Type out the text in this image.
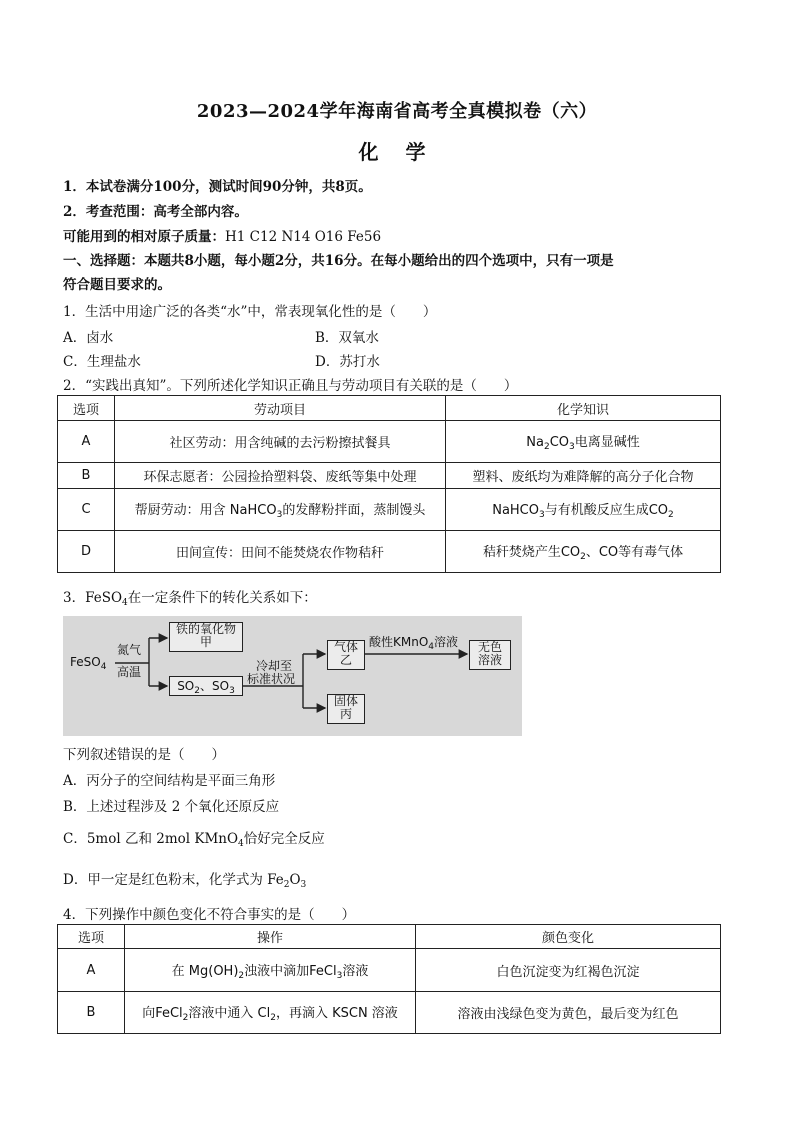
2023—2024学年海南省高考全真模拟卷（六）
化 学
1．本试卷满分100分，测试时间90分钟，共8页。
2．考查范围：高考全部内容。
可能用到的相对原子质量：H1 C12 N14 O16 Fe56
一、选择题：本题共8小题，每小题2分，共16分。在每小题给出的四个选项中，只有一项是
符合题目要求的。
1．生活中用途广泛的各类“水”中，常表现氧化性的是（　　）
A．卤水	B．双氧水
C．生理盐水	D．苏打水
2．“实践出真知”。下列所述化学知识正确且与劳动项目有关联的是（　　）
选项	劳动项目	化学知识
A	社区劳动：用含纯碱的去污粉擦拭餐具	$Na_2CO_3$电离显碱性
B	环保志愿者：公园捡拾塑料袋、废纸等集中处理	塑料、废纸均为难降解的高分子化合物
C	帮厨劳动：用含 NaHCO$_3$的发酵粉拌面，蒸制馒头	NaHCO$_3$与有机酸反应生成$CO_2$
D	田间宣传：田间不能焚烧农作物秸秆	秸秆焚烧产生$CO_2$、CO等有毒气体
3．FeSO$_4$在一定条件下的转化关系如下：
FeSO$_4$
氮气
高温
铁的氧化物
甲
$SO_2$、$SO_3$
冷却至
标准状况
气体
乙
酸性KMnO$_4$溶液	无色
溶液
固体
丙
下列叙述错误的是（　　）
A．丙分子的空间结构是平面三角形
B．上述过程涉及 2 个氧化还原反应
C．5mol 乙和 2mol KMnO$_4$恰好完全反应
D．甲一定是红色粉末，化学式为 $Fe_2O_3$
4．下列操作中颜色变化不符合事实的是（　　）
选项	操作	颜色变化
A	在 $Mg(OH)_2$浊液中滴加FeCl$_3$溶液	白色沉淀变为红褐色沉淀
B	向FeCl$_2$溶液中通入 $Cl_2$，再滴入 KSCN 溶液	溶液由浅绿色变为黄色，最后变为红色
